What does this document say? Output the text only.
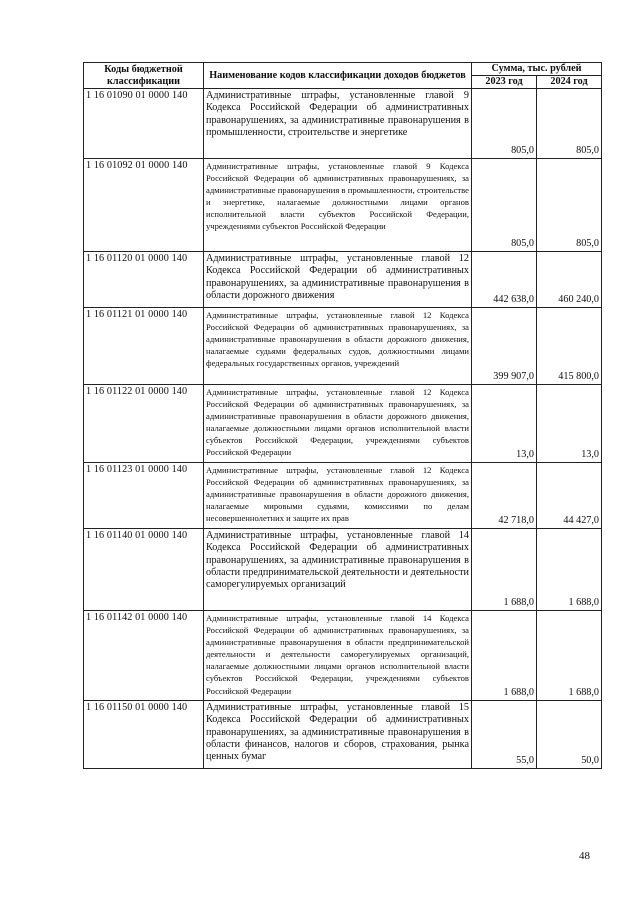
Коды бюджетной классификации	Наименование кодов классификации доходов бюджетов	Сумма, тыс. рублей	
		2023 год	2024 год
1 16 01090 01 0000 140	Административные штрафы, установленные главой 9 Кодекса Российской Федерации об административных правонарушениях, за административные правонарушения в промышленности, строительстве и энергетике	805,0	805,0
1 16 01092 01 0000 140	Административные штрафы, установленные главой 9 Кодекса Российской Федерации об административных правонарушениях, за административные правонарушения в промышленности, строительстве и энергетике, налагаемые должностными лицами органов исполнительной власти субъектов Российской Федерации, учреждениями субъектов Российской Федерации	805,0	805,0
1 16 01120 01 0000 140	Административные штрафы, установленные главой 12 Кодекса Российской Федерации об административных правонарушениях, за административные правонарушения в области дорожного движения	442 638,0	460 240,0
1 16 01121 01 0000 140	Административные штрафы, установленные главой 12 Кодекса Российской Федерации об административных правонарушениях, за административные правонарушения в области дорожного движения, налагаемые судьями федеральных судов, должностными лицами федеральных государственных органов, учреждений	399 907,0	415 800,0
1 16 01122 01 0000 140	Административные штрафы, установленные главой 12 Кодекса Российской Федерации об административных правонарушениях, за административные правонарушения в области дорожного движения, налагаемые должностными лицами органов исполнительной власти субъектов Российской Федерации, учреждениями субъектов Российской Федерации	13,0	13,0
1 16 01123 01 0000 140	Административные штрафы, установленные главой 12 Кодекса Российской Федерации об административных правонарушениях, за административные правонарушения в области дорожного движения, налагаемые мировыми судьями, комиссиями по делам несовершеннолетних и защите их прав	42 718,0	44 427,0
1 16 01140 01 0000 140	Административные штрафы, установленные главой 14 Кодекса Российской Федерации об административных правонарушениях, за административные правонарушения в области предпринимательской деятельности и деятельности саморегулируемых организаций	1 688,0	1 688,0
1 16 01142 01 0000 140	Административные штрафы, установленные главой 14 Кодекса Российской Федерации об административных правонарушениях, за административные правонарушения в области предпринимательской деятельности и деятельности саморегулируемых организаций, налагаемые должностными лицами органов исполнительной власти субъектов Российской Федерации, учреждениями субъектов Российской Федерации	1 688,0	1 688,0
1 16 01150 01 0000 140	Административные штрафы, установленные главой 15 Кодекса Российской Федерации об административных правонарушениях, за административные правонарушения в области финансов, налогов и сборов, страхования, рынка ценных бумаг	55,0	50,0
48
